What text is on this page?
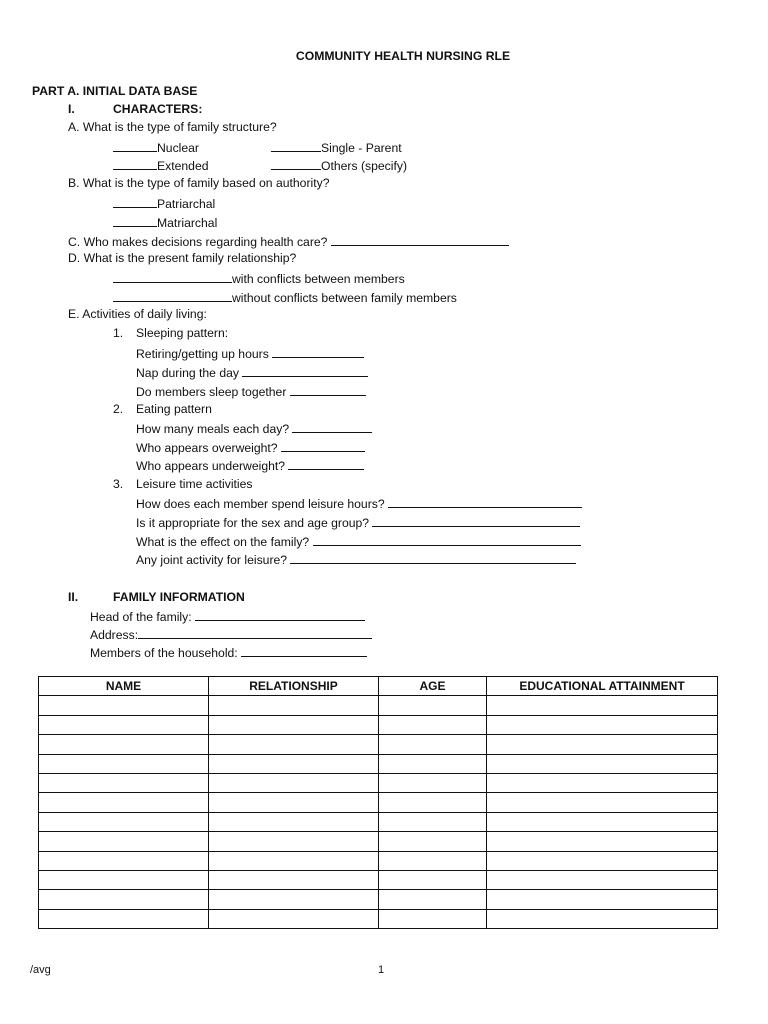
COMMUNITY HEALTH NURSING RLE
PART A. INITIAL DATA BASE
I.	CHARACTERS:
A. What is the type of family structure?
Nuclear	Single - Parent
Extended	Others (specify)
B. What is the type of family based on authority?
Patriarchal
Matriarchal
C. Who makes decisions regarding health care?
D. What is the present family relationship?
with conflicts between members
without conflicts between family members
E. Activities of daily living:
1. Sleeping pattern:
Retiring/getting up hours
Nap during the day
Do members sleep together
2. Eating pattern
How many meals each day?
Who appears overweight?
Who appears underweight?
3. Leisure time activities
How does each member spend leisure hours?
Is it appropriate for the sex and age group?
What is the effect on the family?
Any joint activity for leisure?
II.	FAMILY INFORMATION
Head of the family:
Address:
Members of the household:
NAME	RELATIONSHIP	AGE	EDUCATIONAL ATTAINMENT

/avg	1
